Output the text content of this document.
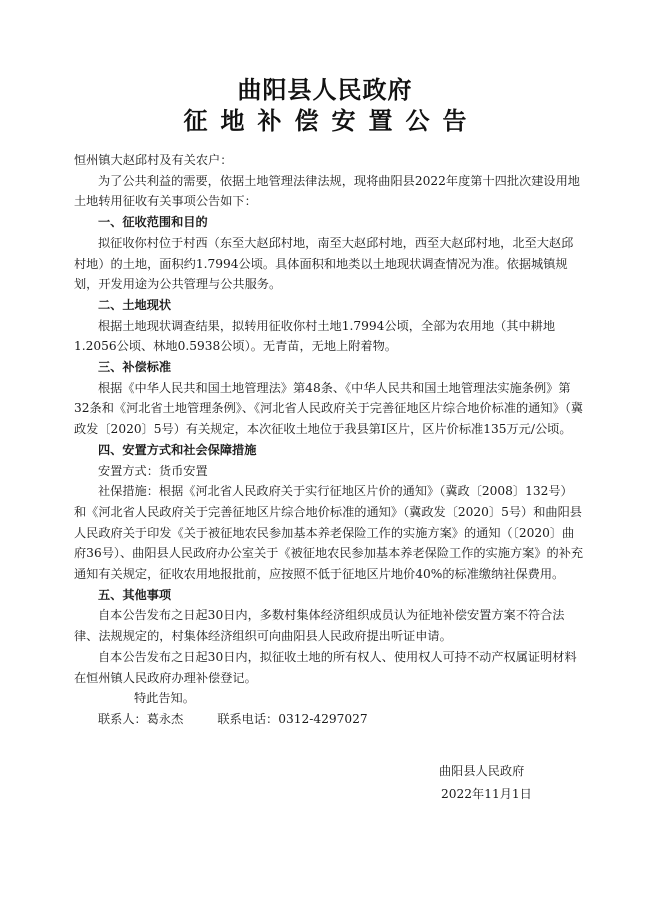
曲阳县人民政府
征地补偿安置公告

恒州镇大赵邱村及有关农户：

为了公共利益的需要，依据土地管理法律法规，现将曲阳县2022年度第十四批次建设用地土地转用征收有关事项公告如下：

一、征收范围和目的

拟征收你村位于村西（东至大赵邱村地，南至大赵邱村地，西至大赵邱村地，北至大赵邱村地）的土地，面积约1.7994公顷。具体面积和地类以土地现状调查情况为准。依据城镇规划，开发用途为公共管理与公共服务。

二、土地现状

根据土地现状调查结果，拟转用征收你村土地1.7994公顷，全部为农用地（其中耕地1.2056公顷、林地0.5938公顷）。无青苗，无地上附着物。

三、补偿标准

根据《中华人民共和国土地管理法》第48条、《中华人民共和国土地管理法实施条例》第32条和《河北省土地管理条例》、《河北省人民政府关于完善征地区片综合地价标准的通知》（冀政发〔2020〕5号）有关规定，本次征收土地位于我县第Ⅰ区片，区片价标准135万元/公顷。

四、安置方式和社会保障措施

安置方式：货币安置

社保措施：根据《河北省人民政府关于实行征地区片价的通知》（冀政〔2008〕132号）和《河北省人民政府关于完善征地区片综合地价标准的通知》（冀政发〔2020〕5号）和曲阳县人民政府关于印发《关于被征地农民参加基本养老保险工作的实施方案》的通知（〔2020〕曲府36号）、曲阳县人民政府办公室关于《被征地农民参加基本养老保险工作的实施方案》的补充通知有关规定，征收农用地报批前，应按照不低于征地区片地价40%的标准缴纳社保费用。

五、其他事项

自本公告发布之日起30日内，多数村集体经济组织成员认为征地补偿安置方案不符合法律、法规规定的，村集体经济组织可向曲阳县人民政府提出听证申请。

自本公告发布之日起30日内，拟征收土地的所有权人、使用权人可持不动产权属证明材料在恒州镇人民政府办理补偿登记。

特此告知。

联系人：葛永杰	联系电话：0312-4297027

曲阳县人民政府
2022年11月1日
